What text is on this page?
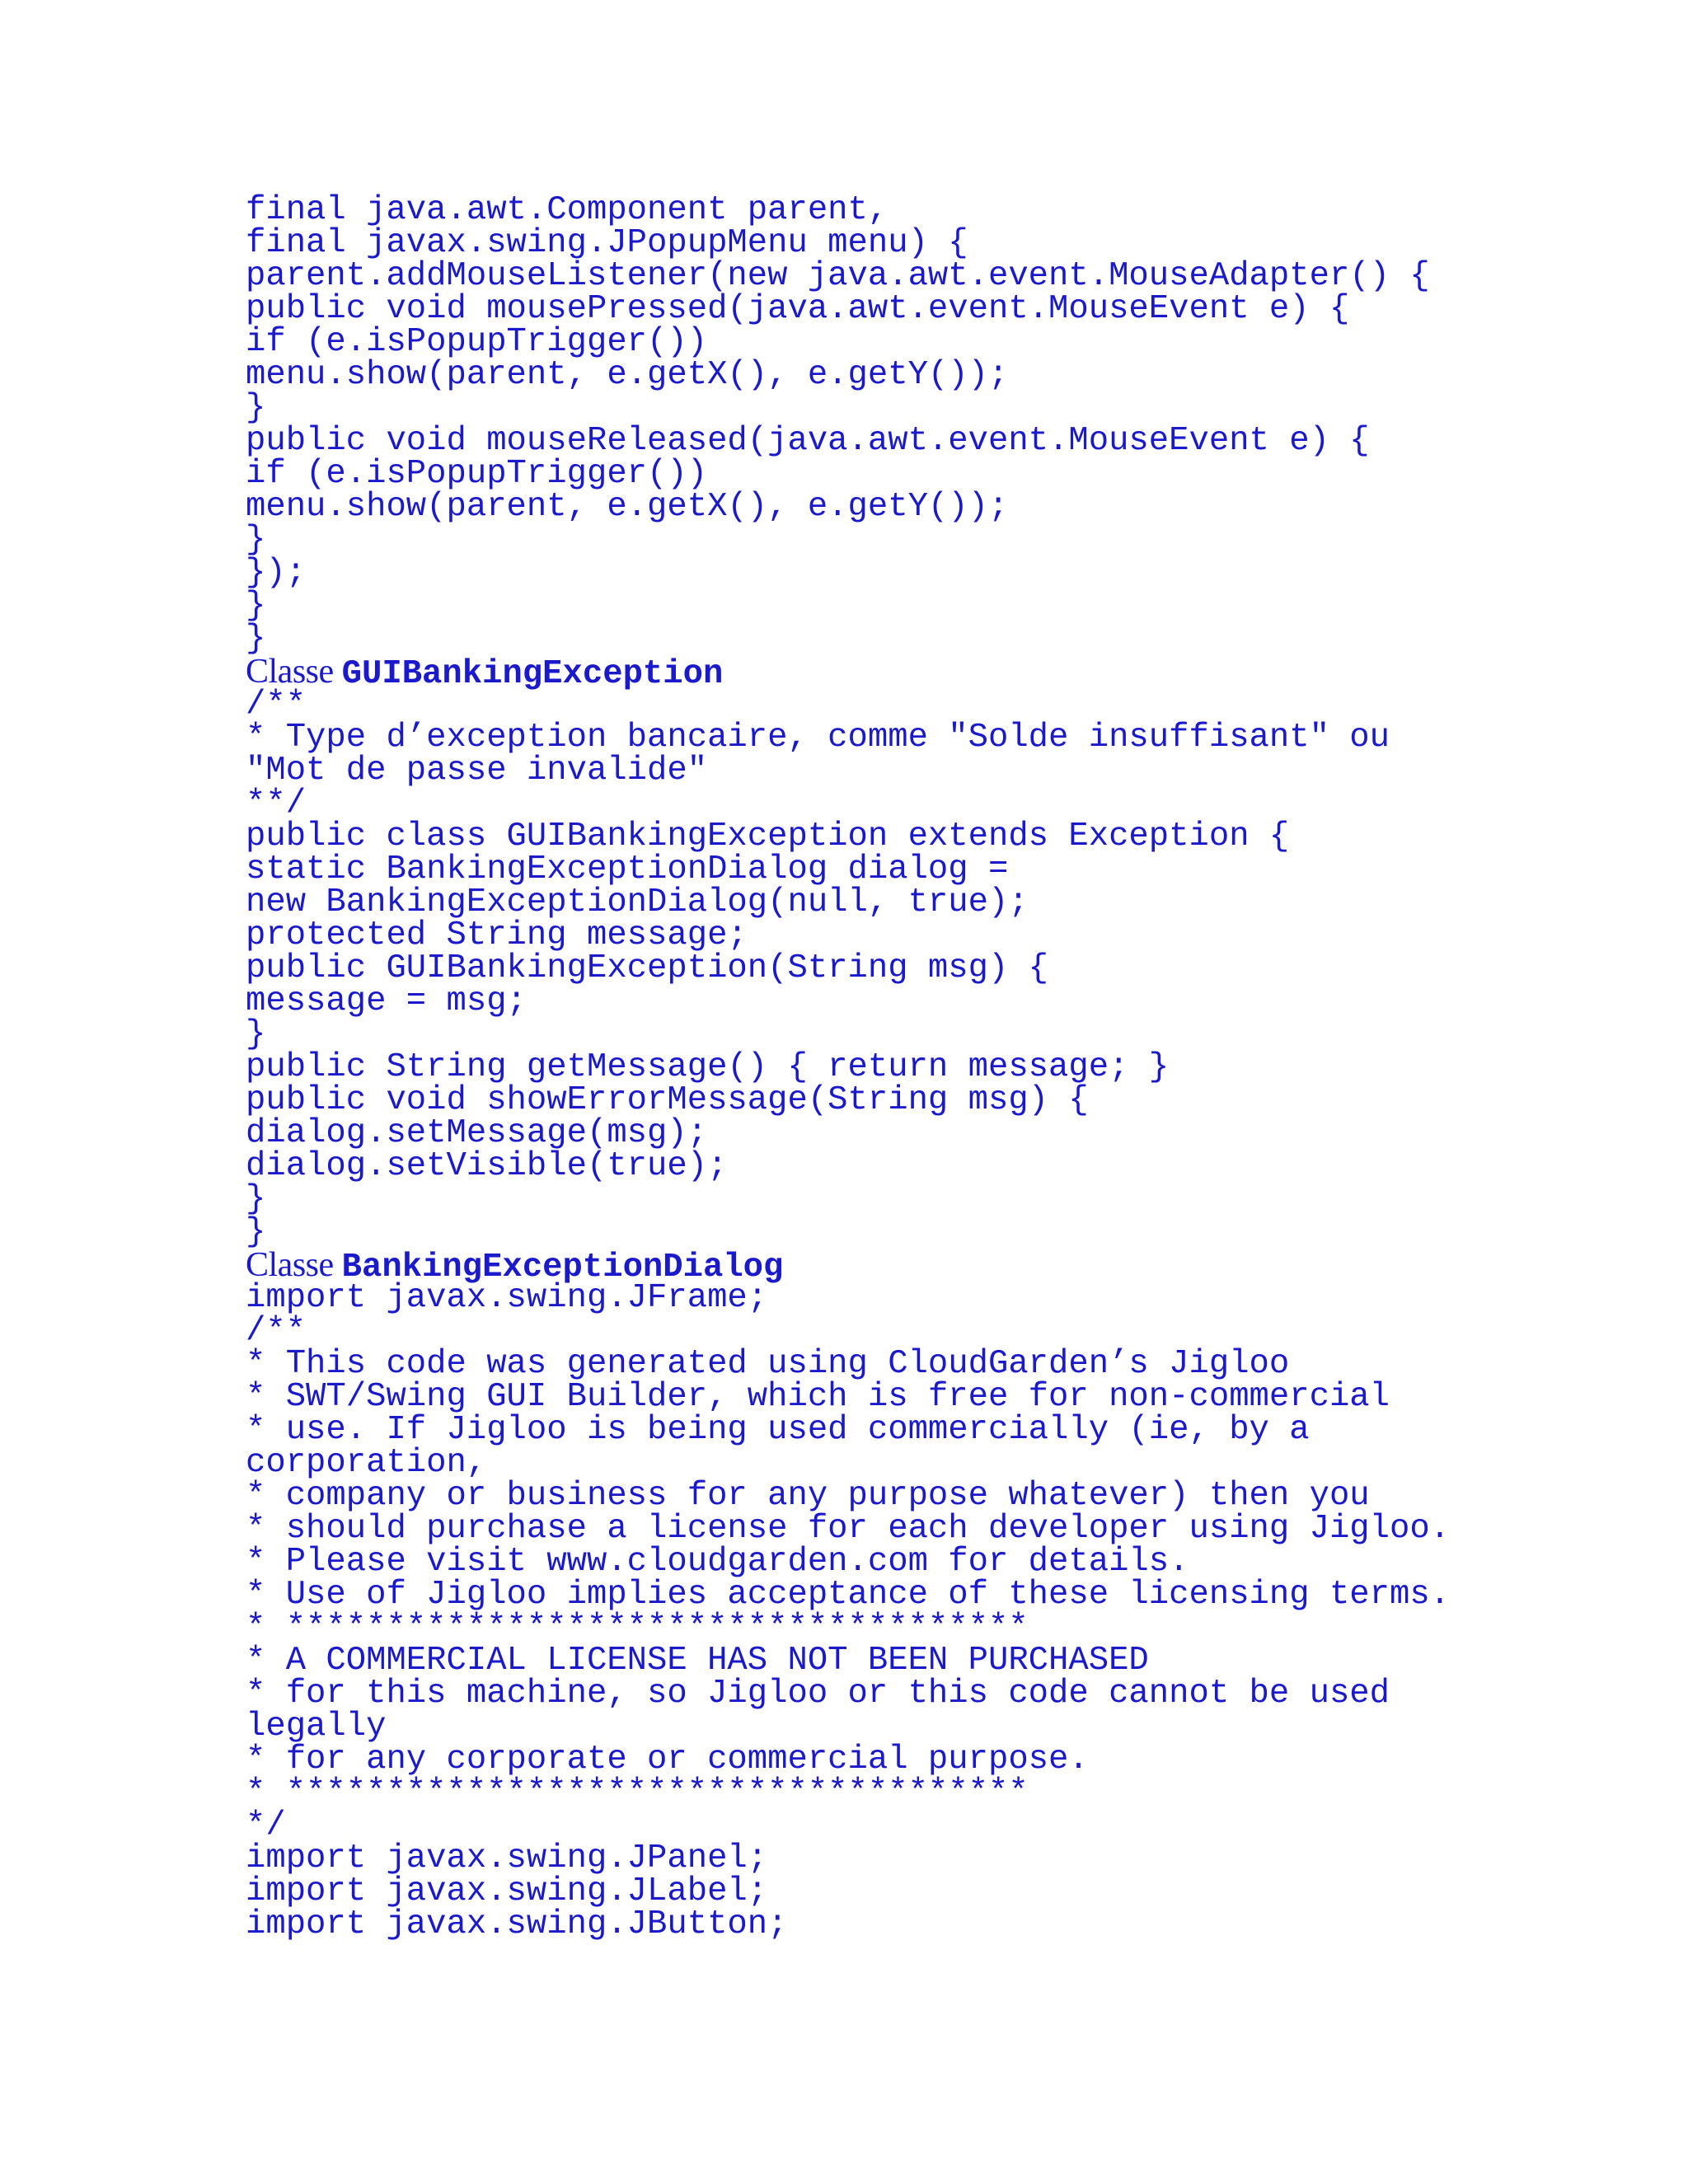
final java.awt.Component parent,
final javax.swing.JPopupMenu menu) {
parent.addMouseListener(new java.awt.event.MouseAdapter() {
public void mousePressed(java.awt.event.MouseEvent e) {
if (e.isPopupTrigger())
menu.show(parent, e.getX(), e.getY());
}
public void mouseReleased(java.awt.event.MouseEvent e) {
if (e.isPopupTrigger())
menu.show(parent, e.getX(), e.getY());
}
});
}
}
Classe GUIBankingException
/**
* Type d’exception bancaire, comme "Solde insuffisant" ou
"Mot de passe invalide"
**/
public class GUIBankingException extends Exception {
static BankingExceptionDialog dialog =
new BankingExceptionDialog(null, true);
protected String message;
public GUIBankingException(String msg) {
message = msg;
}
public String getMessage() { return message; }
public void showErrorMessage(String msg) {
dialog.setMessage(msg);
dialog.setVisible(true);
}
}
Classe BankingExceptionDialog
import javax.swing.JFrame;
/**
* This code was generated using CloudGarden’s Jigloo
* SWT/Swing GUI Builder, which is free for non-commercial
* use. If Jigloo is being used commercially (ie, by a
corporation,
* company or business for any purpose whatever) then you
* should purchase a license for each developer using Jigloo.
* Please visit www.cloudgarden.com for details.
* Use of Jigloo implies acceptance of these licensing terms.
* *************************************
* A COMMERCIAL LICENSE HAS NOT BEEN PURCHASED
* for this machine, so Jigloo or this code cannot be used
legally
* for any corporate or commercial purpose.
* *************************************
*/
import javax.swing.JPanel;
import javax.swing.JLabel;
import javax.swing.JButton;
